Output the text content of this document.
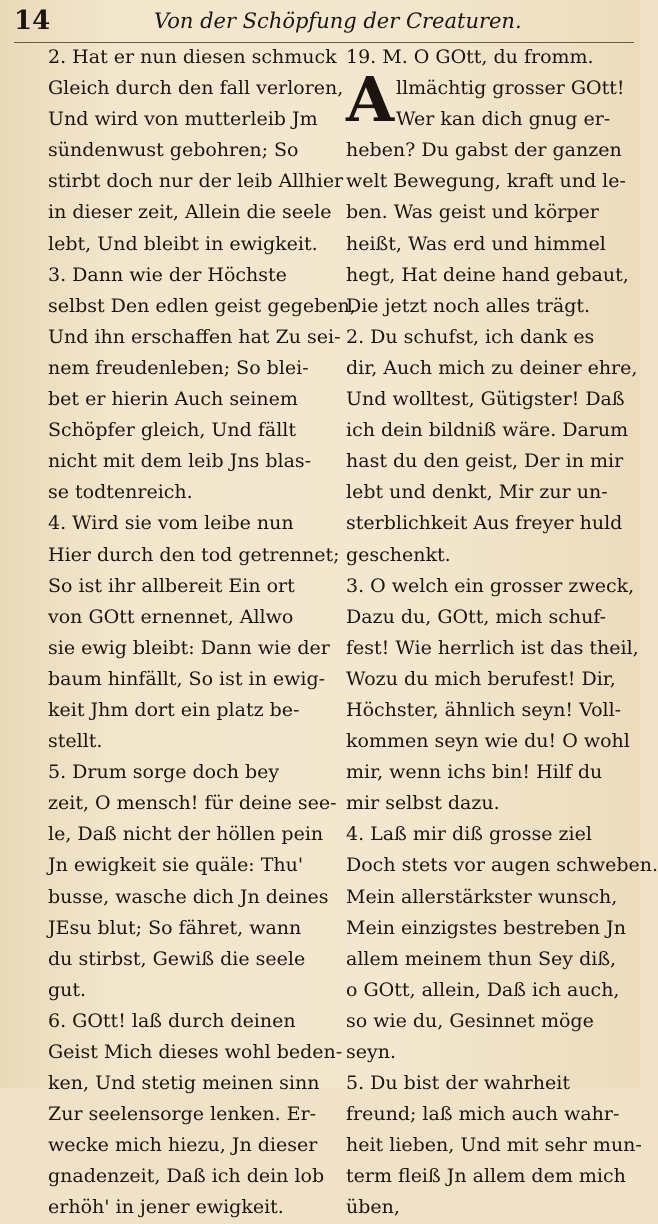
14	Von der Schöpfung der Creaturen.
2. Hat er nun diesen schmuck
Gleich durch den fall verloren,
Und wird von mutterleib Jm
sündenwust gebohren; So
stirbt doch nur der leib Allhier
in dieser zeit, Allein die seele
lebt, Und bleibt in ewigkeit.
3. Dann wie der Höchste
selbst Den edlen geist gegeben,
Und ihn erschaffen hat Zu sei-
nem freudenleben; So blei-
bet er hierin Auch seinem
Schöpfer gleich, Und fällt
nicht mit dem leib Jns blas-
se todtenreich.
4. Wird sie vom leibe nun
Hier durch den tod getrennet;
So ist ihr allbereit Ein ort
von GOtt ernennet, Allwo
sie ewig bleibt: Dann wie der
baum hinfällt, So ist in ewig-
keit Jhm dort ein platz be-
stellt.
5. Drum sorge doch bey
zeit, O mensch! für deine see-
le, Daß nicht der höllen pein
Jn ewigkeit sie quäle: Thu'
busse, wasche dich Jn deines
JEsu blut; So fähret, wann
du stirbst, Gewiß die seele
gut.
6. GOtt! laß durch deinen
Geist Mich dieses wohl beden-
ken, Und stetig meinen sinn
Zur seelensorge lenken. Er-
wecke mich hiezu, Jn dieser
gnadenzeit, Daß ich dein lob
erhöh' in jener ewigkeit.
19. M. O GOtt, du fromm.
A llmächtig grosser GOtt!
Wer kan dich gnug er-
heben? Du gabst der ganzen
welt Bewegung, kraft und le-
ben. Was geist und körper
heißt, Was erd und himmel
hegt, Hat deine hand gebaut,
Die jetzt noch alles trägt.
2. Du schufst, ich dank es
dir, Auch mich zu deiner ehre,
Und wolltest, Gütigster! Daß
ich dein bildniß wäre. Darum
hast du den geist, Der in mir
lebt und denkt, Mir zur un-
sterblichkeit Aus freyer huld
geschenkt.
3. O welch ein grosser zweck,
Dazu du, GOtt, mich schuf-
fest! Wie herrlich ist das theil,
Wozu du mich berufest! Dir,
Höchster, ähnlich seyn! Voll-
kommen seyn wie du! O wohl
mir, wenn ichs bin! Hilf du
mir selbst dazu.
4. Laß mir diß grosse ziel
Doch stets vor augen schweben.
Mein allerstärkster wunsch,
Mein einzigstes bestreben Jn
allem meinem thun Sey diß,
o GOtt, allein, Daß ich auch,
so wie du, Gesinnet möge
seyn.
5. Du bist der wahrheit
freund; laß mich auch wahr-
heit lieben, Und mit sehr mun-
term fleiß Jn allem dem mich
üben,
